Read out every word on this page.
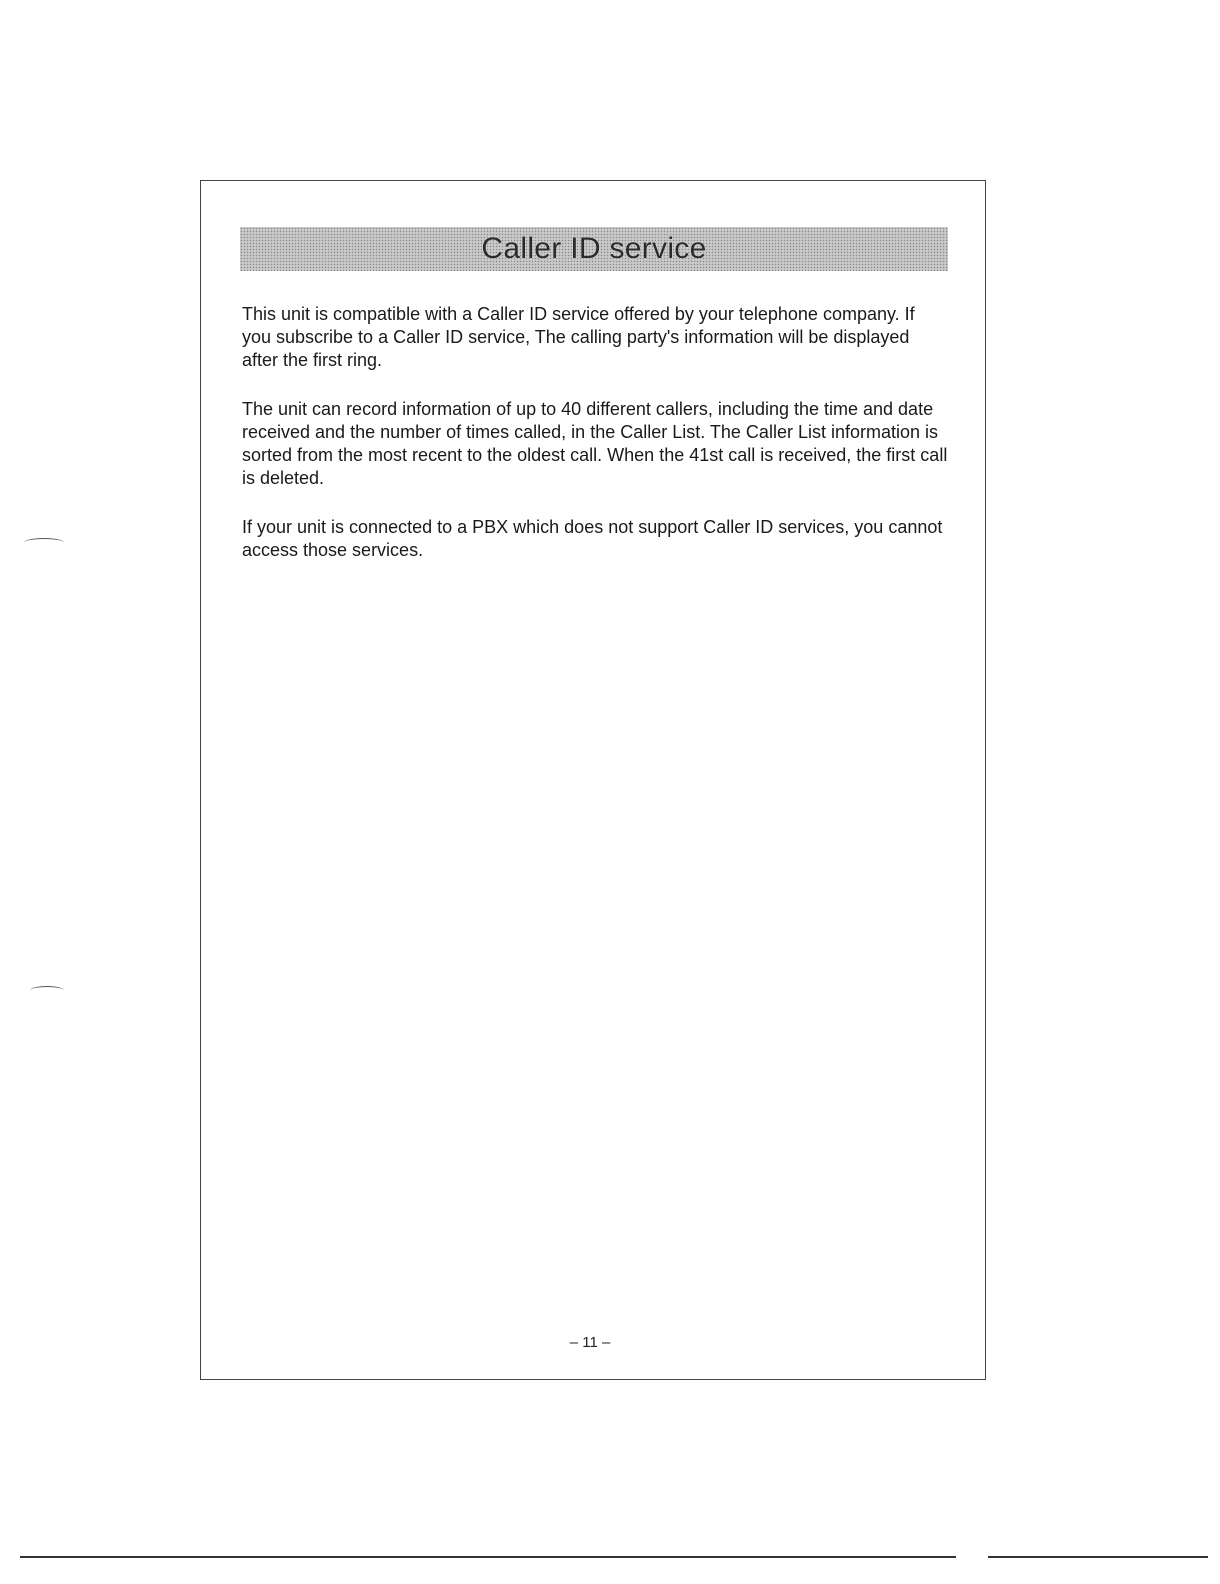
Caller ID service

This unit is compatible with a Caller ID service offered by your telephone company. If you subscribe to a Caller ID service, The calling party's information will be displayed after the first ring.

The unit can record information of up to 40 different callers, including the time and date received and the number of times called, in the Caller List. The Caller List information is sorted from the most recent to the oldest call. When the 41st call is received, the first call is deleted.

If your unit is connected to a PBX which does not support Caller ID services, you cannot access those services.

– 11 –
